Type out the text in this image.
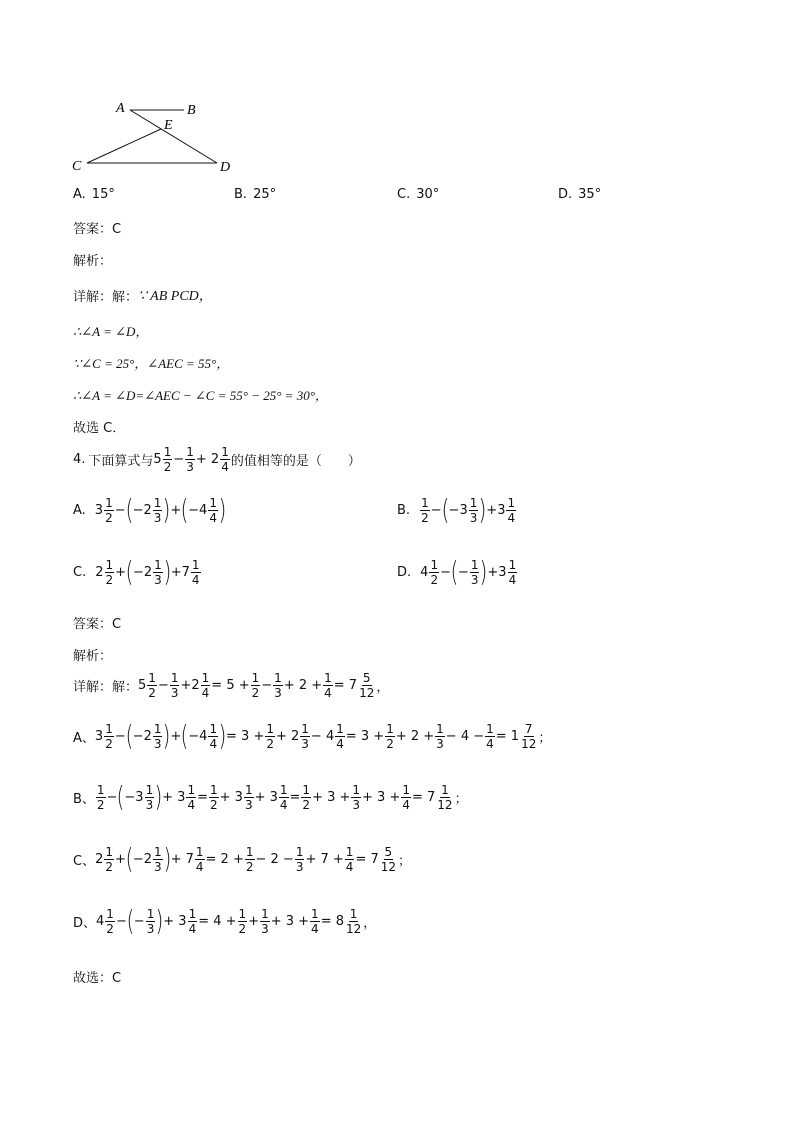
A	B
E
C	D
A. 15°	B. 25°	C. 30°	D. 35°
答案：C
解析：
详解：解： ∵ AB PCD，
∴∠A = ∠D，
∵∠C = 25°，∠AEC = 55°，
∴∠A = ∠D=∠AEC − ∠C = 55° − 25° = 30°，
故选 C．
4. 下面算式与 $5 \frac{1}{2} - \frac{1}{3} + 2 \frac{1}{4}$ 的值相等的是（　　）
A. $3 \frac{1}{2}$ − ( $-2 \frac{1}{3}$ ) + ( $-4 \frac{1}{4}$ )	B. $\frac{1}{2}$ − ( $-3 \frac{1}{3}$ ) $+3 \frac{1}{4}$
C. $2 \frac{1}{2}$ + ( $-2 \frac{1}{3}$ ) $+7 \frac{1}{4}$	D. $4 \frac{1}{2}$ − ( − $\frac{1}{3}$ ) $+3 \frac{1}{4}$
答案：C
解析：
详解：解： $5 \frac{1}{2} - \frac{1}{3} +2 \frac{1}{4} = 5 + \frac{1}{2} - \frac{1}{3} + 2 + \frac{1}{4} = 7 \frac{5}{12}$ ，
A、 $3 \frac{1}{2}$ − ( $-2 \frac{1}{3}$ ) + ( $-4 \frac{1}{4}$ ) = $3 + \frac{1}{2} + 2 \frac{1}{3} - 4 \frac{1}{4} = 3 + \frac{1}{2} + 2 + \frac{1}{3} - 4 - \frac{1}{4} = 1 \frac{7}{12}$ ；
B、 $\frac{1}{2}$ − ( $-3 \frac{1}{3}$ ) + $3 \frac{1}{4} = \frac{1}{2} + 3 \frac{1}{3} + 3 \frac{1}{4} = \frac{1}{2} + 3 + \frac{1}{3} + 3 + \frac{1}{4} = 7 \frac{1}{12}$ ；
C、 $2 \frac{1}{2}$ + ( $-2 \frac{1}{3}$ ) + $7 \frac{1}{4} = 2 + \frac{1}{2} - 2 - \frac{1}{3} + 7 + \frac{1}{4} = 7 \frac{5}{12}$ ；
D、 $4 \frac{1}{2}$ − ( − $\frac{1}{3}$ ) + $3 \frac{1}{4} = 4 + \frac{1}{2} + \frac{1}{3} + 3 + \frac{1}{4} = 8 \frac{1}{12}$ ，
故选：C
